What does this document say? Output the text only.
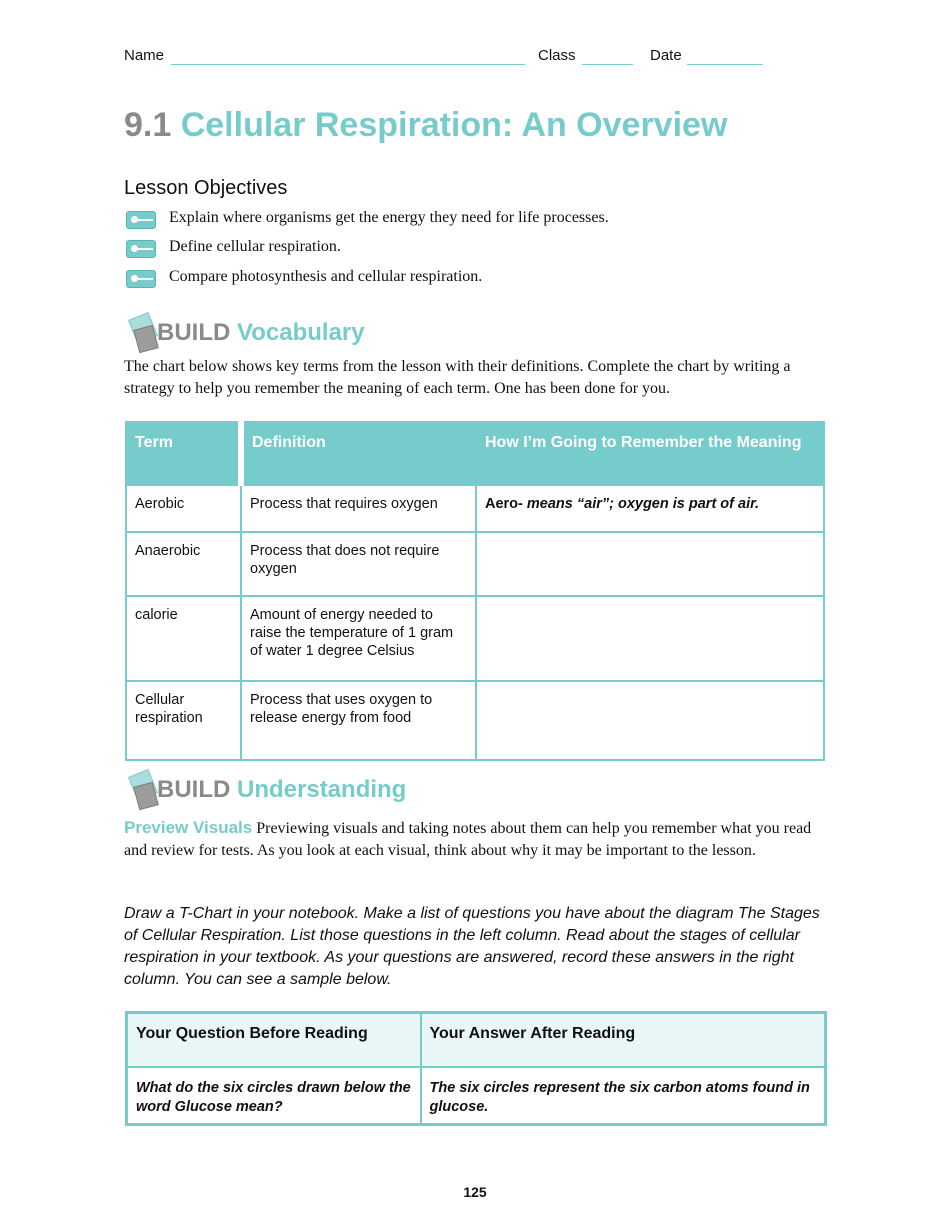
Name	Class	Date
9.1 Cellular Respiration: An Overview
Lesson Objectives
Explain where organisms get the energy they need for life processes.
Define cellular respiration.
Compare photosynthesis and cellular respiration.
BUILD Vocabulary
The chart below shows key terms from the lesson with their definitions. Complete the chart by writing a strategy to help you remember the meaning of each term. One has been done for you.
Term	Definition	How I’m Going to Remember the Meaning
Aerobic	Process that requires oxygen	Aero- means “air”; oxygen is part of air.
Anaerobic	Process that does not require oxygen	
calorie	Amount of energy needed to raise the temperature of 1 gram of water 1 degree Celsius	
Cellular respiration	Process that uses oxygen to release energy from food	
BUILD Understanding
Preview Visuals Previewing visuals and taking notes about them can help you remember what you read and review for tests. As you look at each visual, think about why it may be important to the lesson.
Draw a T-Chart in your notebook. Make a list of questions you have about the diagram The Stages of Cellular Respiration. List those questions in the left column. Read about the stages of cellular respiration in your textbook. As your questions are answered, record these answers in the right column. You can see a sample below.
Your Question Before Reading	Your Answer After Reading
What do the six circles drawn below the word Glucose mean?	The six circles represent the six carbon atoms found in glucose.
125
